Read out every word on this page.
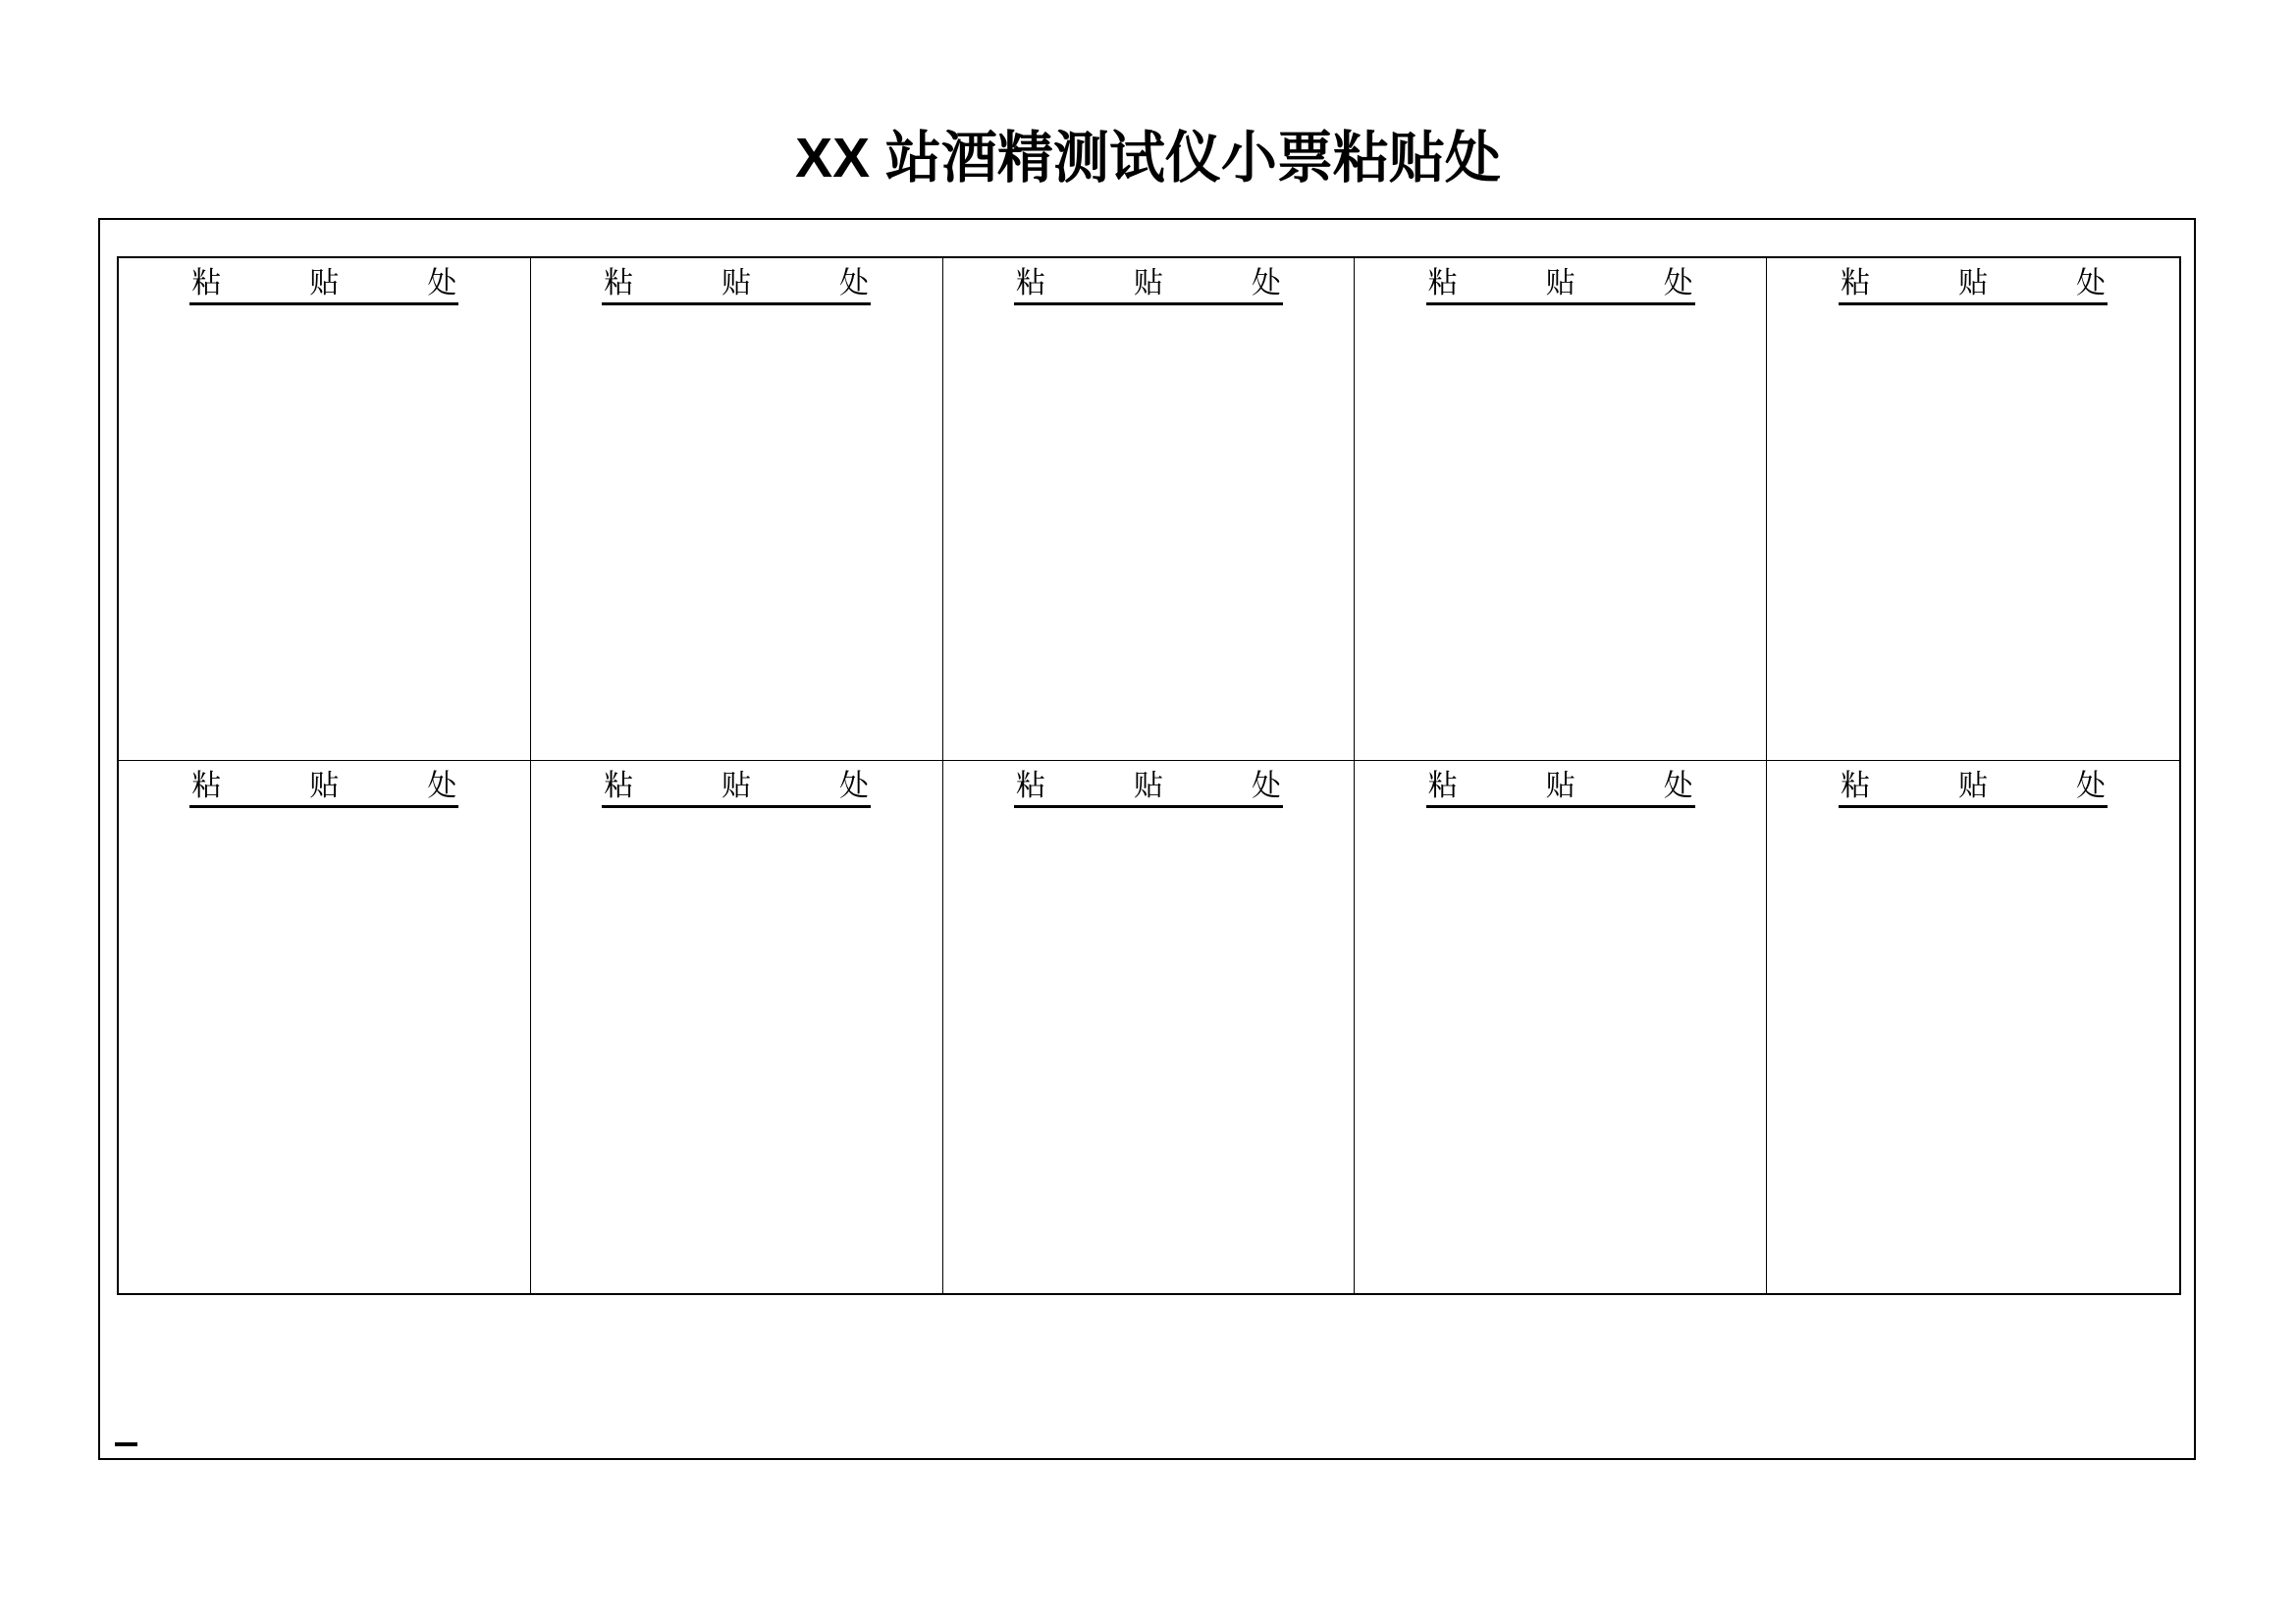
XX 站酒精测试仪小票粘贴处
粘　　　贴　　　处	粘　　　贴　　　处	粘　　　贴　　　处	粘　　　贴　　　处	粘　　　贴　　　处
粘　　　贴　　　处	粘　　　贴　　　处	粘　　　贴　　　处	粘　　　贴　　　处	粘　　　贴　　　处
